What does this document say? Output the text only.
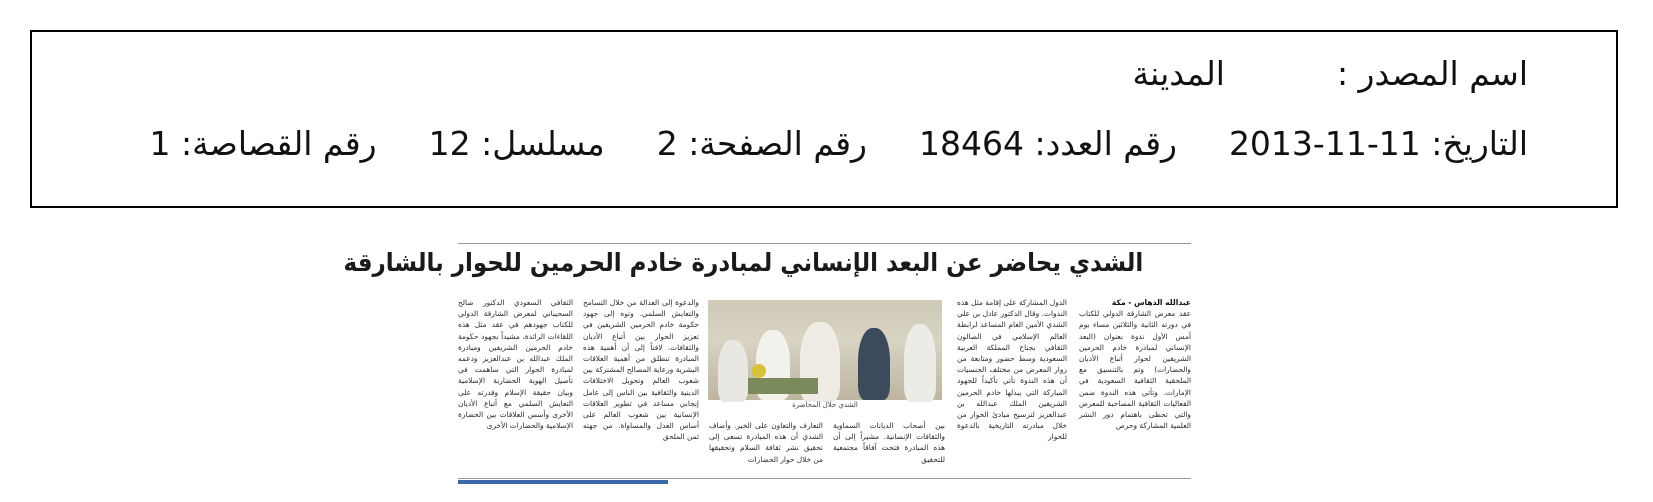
اسم المصدر :المدينة
التاريخ: 2013-11-11رقم العدد: 18464رقم الصفحة: 2مسلسل: 12رقم القصاصة: 1
الشدي يحاضر عن البعد الإنساني لمبادرة خادم الحرمين للحوار بالشارقة

عبدالله الدهاس - مكة

عقد معرض الشارقة الدولي للكتاب في دورته الثانية والثلاثين مساء يوم أمس الأول ندوة بعنوان (البعد الإنساني لمبادرة خادم الحرمين الشريفين لحوار أتباع الأديان والحضارات) وتم بالتنسيق مع الملحقية الثقافية السعودية في الإمارات. وتأتي هذه الندوة ضمن الفعاليات الثقافية المصاحبة للمعرض والتي تحظى باهتمام دور النشر العلمية المشاركة وحرص

الدول المشاركة على إقامة مثل هذه الندوات. وقال الدكتور عادل بن علي الشدي الأمين العام المساعد لرابطة العالم الإسلامي في الصالون الثقافي بجناح المملكة العربية السعودية وسط حضور ومتابعة من زوار المعرض من مختلف الجنسيات أن هذه الندوة تأتي تأكيداً للجهود المباركة التي يبذلها خادم الحرمين الشريفين الملك عبدالله بن عبدالعزيز لترسيخ مبادئ الحوار من خلال مبادرته التاريخية بالدعوة للحوار

الشدي خلال المحاضرة

بين أصحاب الديانات السماوية والثقافات الإنسانية. مشيراً إلى أن هذه المبادرة فتحت آفاقاً مجتمعية للتحقيق

التعارف والتعاون على الخير. وأضاف الشدي أن هذه المبادرة تسعى إلى تحقيق نشر ثقافة السلام وتحقيقها من خلال حوار الحضارات

والدعوة إلى العدالة من خلال التسامح والتعايش السلمي. وتوه إلى جهود حكومة خادم الحرمين الشريفين في تعزيز الحوار بين أتباع الأديان والثقافات. لافتاً إلى أن أهمية هذه المبادرة تنطلق من أهمية العلاقات البشرية ورعاية المصالح المشتركة بين شعوب العالم وتحويل الاختلافات الدينية والثقافية بين الناس إلى عامل إيجابي مساعد في تطوير العلاقات الإنسانية بين شعوب العالم على أساس العدل والمساواة. من جهته ثمن الملحق

الثقافي السعودي الدكتور صالح السحيباني لمعرض الشارقة الدولي للكتاب جهودهم في عقد مثل هذه اللقاءات الرائدة، مشيداً بجهود حكومة خادم الحرمين الشريفين ومبادرة الملك عبدالله بن عبدالعزيز ودعمه لمبادرة الحوار التي ساهمت في تأصيل الهوية الحضارية الإسلامية وبيان حقيقة الإسلام وقدرته على التعايش السلمي مع أتباع الأديان الأخرى وأسس العلاقات بين الحضارة الإسلامية والحضارات الأخرى
